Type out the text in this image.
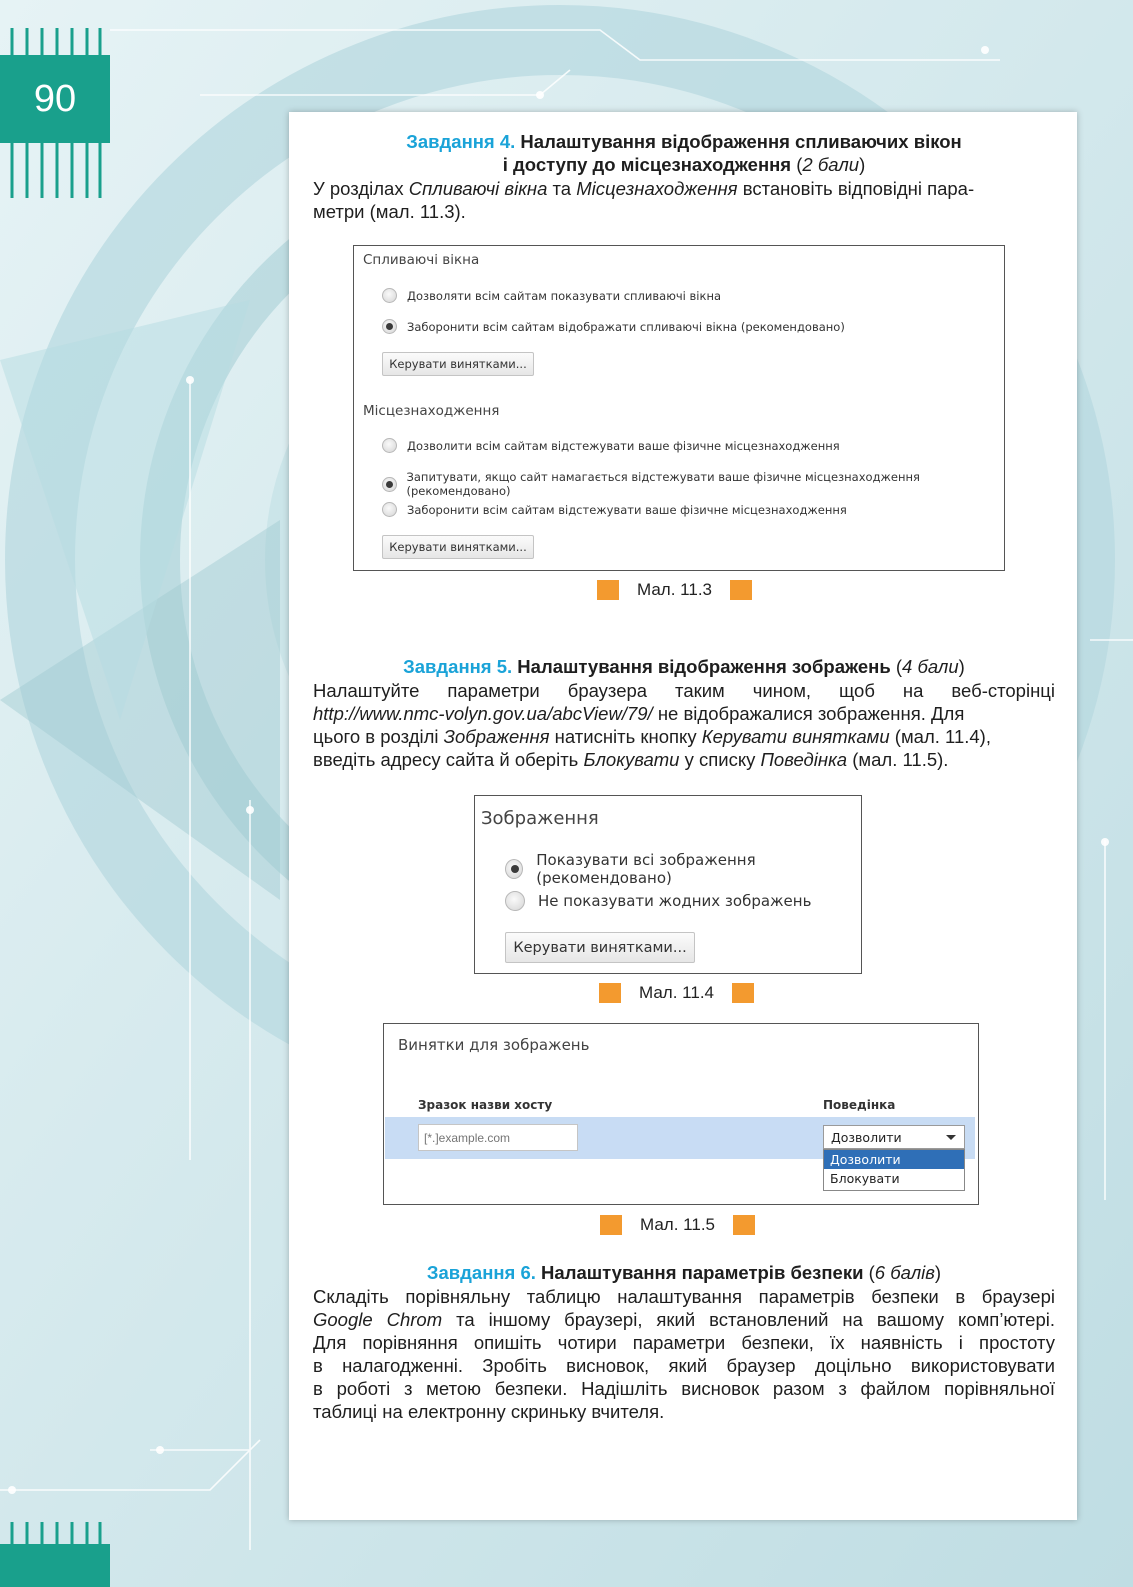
90
Завдання 4. Налаштування відображення спливаючих вікон
і доступу до місцезнаходження (2 бали)
У розділах Спливаючі вікна та Місцезнаходження встановіть відповідні пара-
метри (мал. 11.3).
Спливаючі вікна
Дозволяти всім сайтам показувати спливаючі вікна
Заборонити всім сайтам відображати спливаючі вікна (рекомендовано)
Керувати винятками...
Місцезнаходження
Дозволити всім сайтам відстежувати ваше фізичне місцезнаходження
Запитувати, якщо сайт намагається відстежувати ваше фізичне місцезнаходження (рекомендовано)
Заборонити всім сайтам відстежувати ваше фізичне місцезнаходження
Керувати винятками...
Мал. 11.3
Завдання 5. Налаштування відображення зображень (4 бали)
Налаштуйте параметри браузера таким чином, щоб на веб-сторінці
http://www.nmc-volyn.gov.ua/abcView/79/ не відображалися зображення. Для
цього в розділі Зображення натисніть кнопку Керувати винятками (мал. 11.4),
введіть адресу сайта й оберіть Блокувати у списку Поведінка (мал. 11.5).
Зображення
Показувати всі зображення (рекомендовано)
Не показувати жодних зображень
Керувати винятками...
Мал. 11.4
Винятки для зображень
Зразок назви хосту	Поведінка
[*.]example.com
Дозволити
Дозволити
Блокувати
Мал. 11.5
Завдання 6. Налаштування параметрів безпеки (6 балів)
Складіть порівняльну таблицю налаштування параметрів безпеки в браузері
Google Chrom та іншому браузері, який встановлений на вашому комп’ютері.
Для порівняння опишіть чотири параметри безпеки, їх наявність і простоту
в налагодженні. Зробіть висновок, який браузер доцільно використовувати
в роботі з метою безпеки. Надішліть висновок разом з файлом порівняльної
таблиці на електронну скриньку вчителя.
